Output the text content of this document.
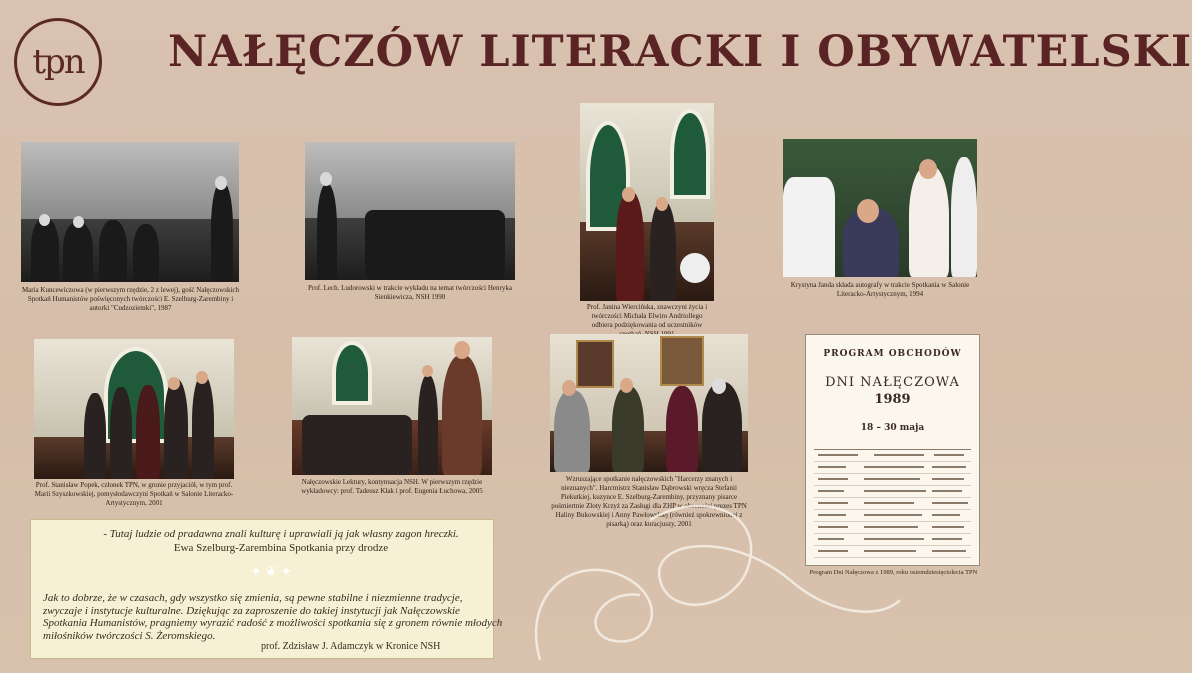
tpn NAŁĘCZÓW LITERACKI I OBYWATELSKI
Maria Kuncewiczowa (w pierwszym rzędzie, 2 z lewej), gość Nałęczowskich Spotkań Humanistów poświęconych twórczości E. Szelburg-Zarembiny i autorki "Cudzoziemki", 1987
Prof. Lech. Ludorowski w trakcie wykładu na temat twórczości Henryka Sienkiewicza, NSH 1990
Prof. Janina Wiercińska, znawczyni życia i twórczości Michała Elwiro Andriollego odbiera podziękowania od uczestników
Krystyna Janda składa autografy w trakcie Spotkania w Salonie Literacko-Artystycznym, 1994
Prof. Stanisław Popek, członek TPN, w gronie przyjaciół, w tym prof. Marii Szyszkowskiej, pomysłodawczyni Spotkań w Salonie Literacko-Artystycznym, 2001
Nałęczowskie Lektury, kontynuacja NSH. W pierwszym rzędzie wykładowcy: prof. Tadeusz Kłak i prof. Eugenia Łuchowa, 2005
Wzruszające spotkanie nałęczowskich "Harcerzy znanych i nieznanych". Harcmistrz Stanisław Dąbrowski wręcza Stefanii Piekutkiej, kuzynce E. Szelburg-Zarembiny, przyznany pisarce pośmiertnie Złoty Krzyż za Zasługi dla ZHP w obecności prezes TPN Haliny Bukowskiej i Anny Pawłowskiej (również spokrewnionej z pisarką) oraz kuracjuszy, 2001
- Tutaj ludzie od pradawna znali kulturę i uprawiali ją jak własny zagon hreczki.
Ewa Szelburg-Zarembina Spotkania przy drodze
✦ ❦ ✦
Jak to dobrze, że w czasach, gdy wszystko się zmienia, są pewne stabilne i niezmienne tradycje, zwyczaje i instytucje kulturalne. Dziękując za zaproszenie do takiej instytucji jak Nałęczowskie Spotkania Humanistów, pragniemy wyrazić radość z możliwości spotkania się z gronem równie młodych miłośników twórczości S. Żeromskiego.
prof. Zdzisław J. Adamczyk w Kronice NSH
PROGRAM OBCHODÓW
DNI NAŁĘCZOWA
1989
18 – 30 maja
Program Dni Nałęczowa z 1989, roku osiemdziesięciolecia TPN
